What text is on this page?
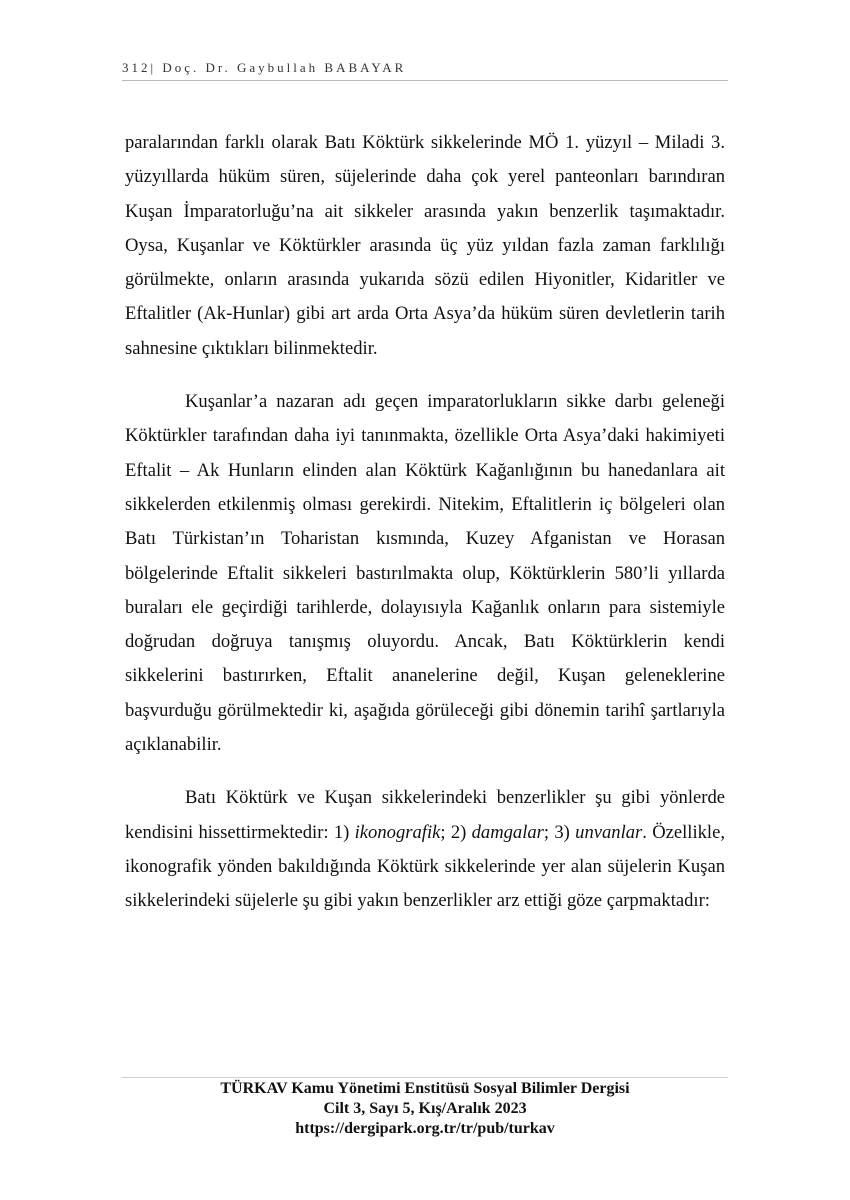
312| Doç. Dr. Gaybullah BABAYAR

paralarından farklı olarak Batı Köktürk sikkelerinde MÖ 1. yüzyıl – Miladi 3. yüzyıllarda hüküm süren, süjelerinde daha çok yerel panteonları barındıran Kuşan İmparatorluğu’na ait sikkeler arasında yakın benzerlik taşımaktadır. Oysa, Kuşanlar ve Köktürkler arasında üç yüz yıldan fazla zaman farklılığı görülmekte, onların arasında yukarıda sözü edilen Hiyonitler, Kidaritler ve Eftalitler (Ak-Hunlar) gibi art arda Orta Asya’da hüküm süren devletlerin tarih sahnesine çıktıkları bilinmektedir.

Kuşanlar’a nazaran adı geçen imparatorlukların sikke darbı geleneği Köktürkler tarafından daha iyi tanınmakta, özellikle Orta Asya’daki hakimiyeti Eftalit – Ak Hunların elinden alan Köktürk Kağanlığının bu hanedanlara ait sikkelerden etkilenmiş olması gerekirdi. Nitekim, Eftalitlerin iç bölgeleri olan Batı Türkistan’ın Toharistan kısmında, Kuzey Afganistan ve Horasan bölgelerinde Eftalit sikkeleri bastırılmakta olup, Köktürklerin 580’li yıllarda buraları ele geçirdiği tarihlerde, dolayısıyla Kağanlık onların para sistemiyle doğrudan doğruya tanışmış oluyordu. Ancak, Batı Köktürklerin kendi sikkelerini bastırırken, Eftalit ananelerine değil, Kuşan geleneklerine başvurduğu görülmektedir ki, aşağıda görüleceği gibi dönemin tarihî şartlarıyla açıklanabilir.

Batı Köktürk ve Kuşan sikkelerindeki benzerlikler şu gibi yönlerde kendisini hissettirmektedir: 1) ikonografik; 2) damgalar; 3) unvanlar. Özellikle, ikonografik yönden bakıldığında Köktürk sikkelerinde yer alan süjelerin Kuşan sikkelerindeki süjelerle şu gibi yakın benzerlikler arz ettiği göze çarpmaktadır:

TÜRKAV Kamu Yönetimi Enstitüsü Sosyal Bilimler Dergisi
Cilt 3, Sayı 5, Kış/Aralık 2023
https://dergipark.org.tr/tr/pub/turkav
